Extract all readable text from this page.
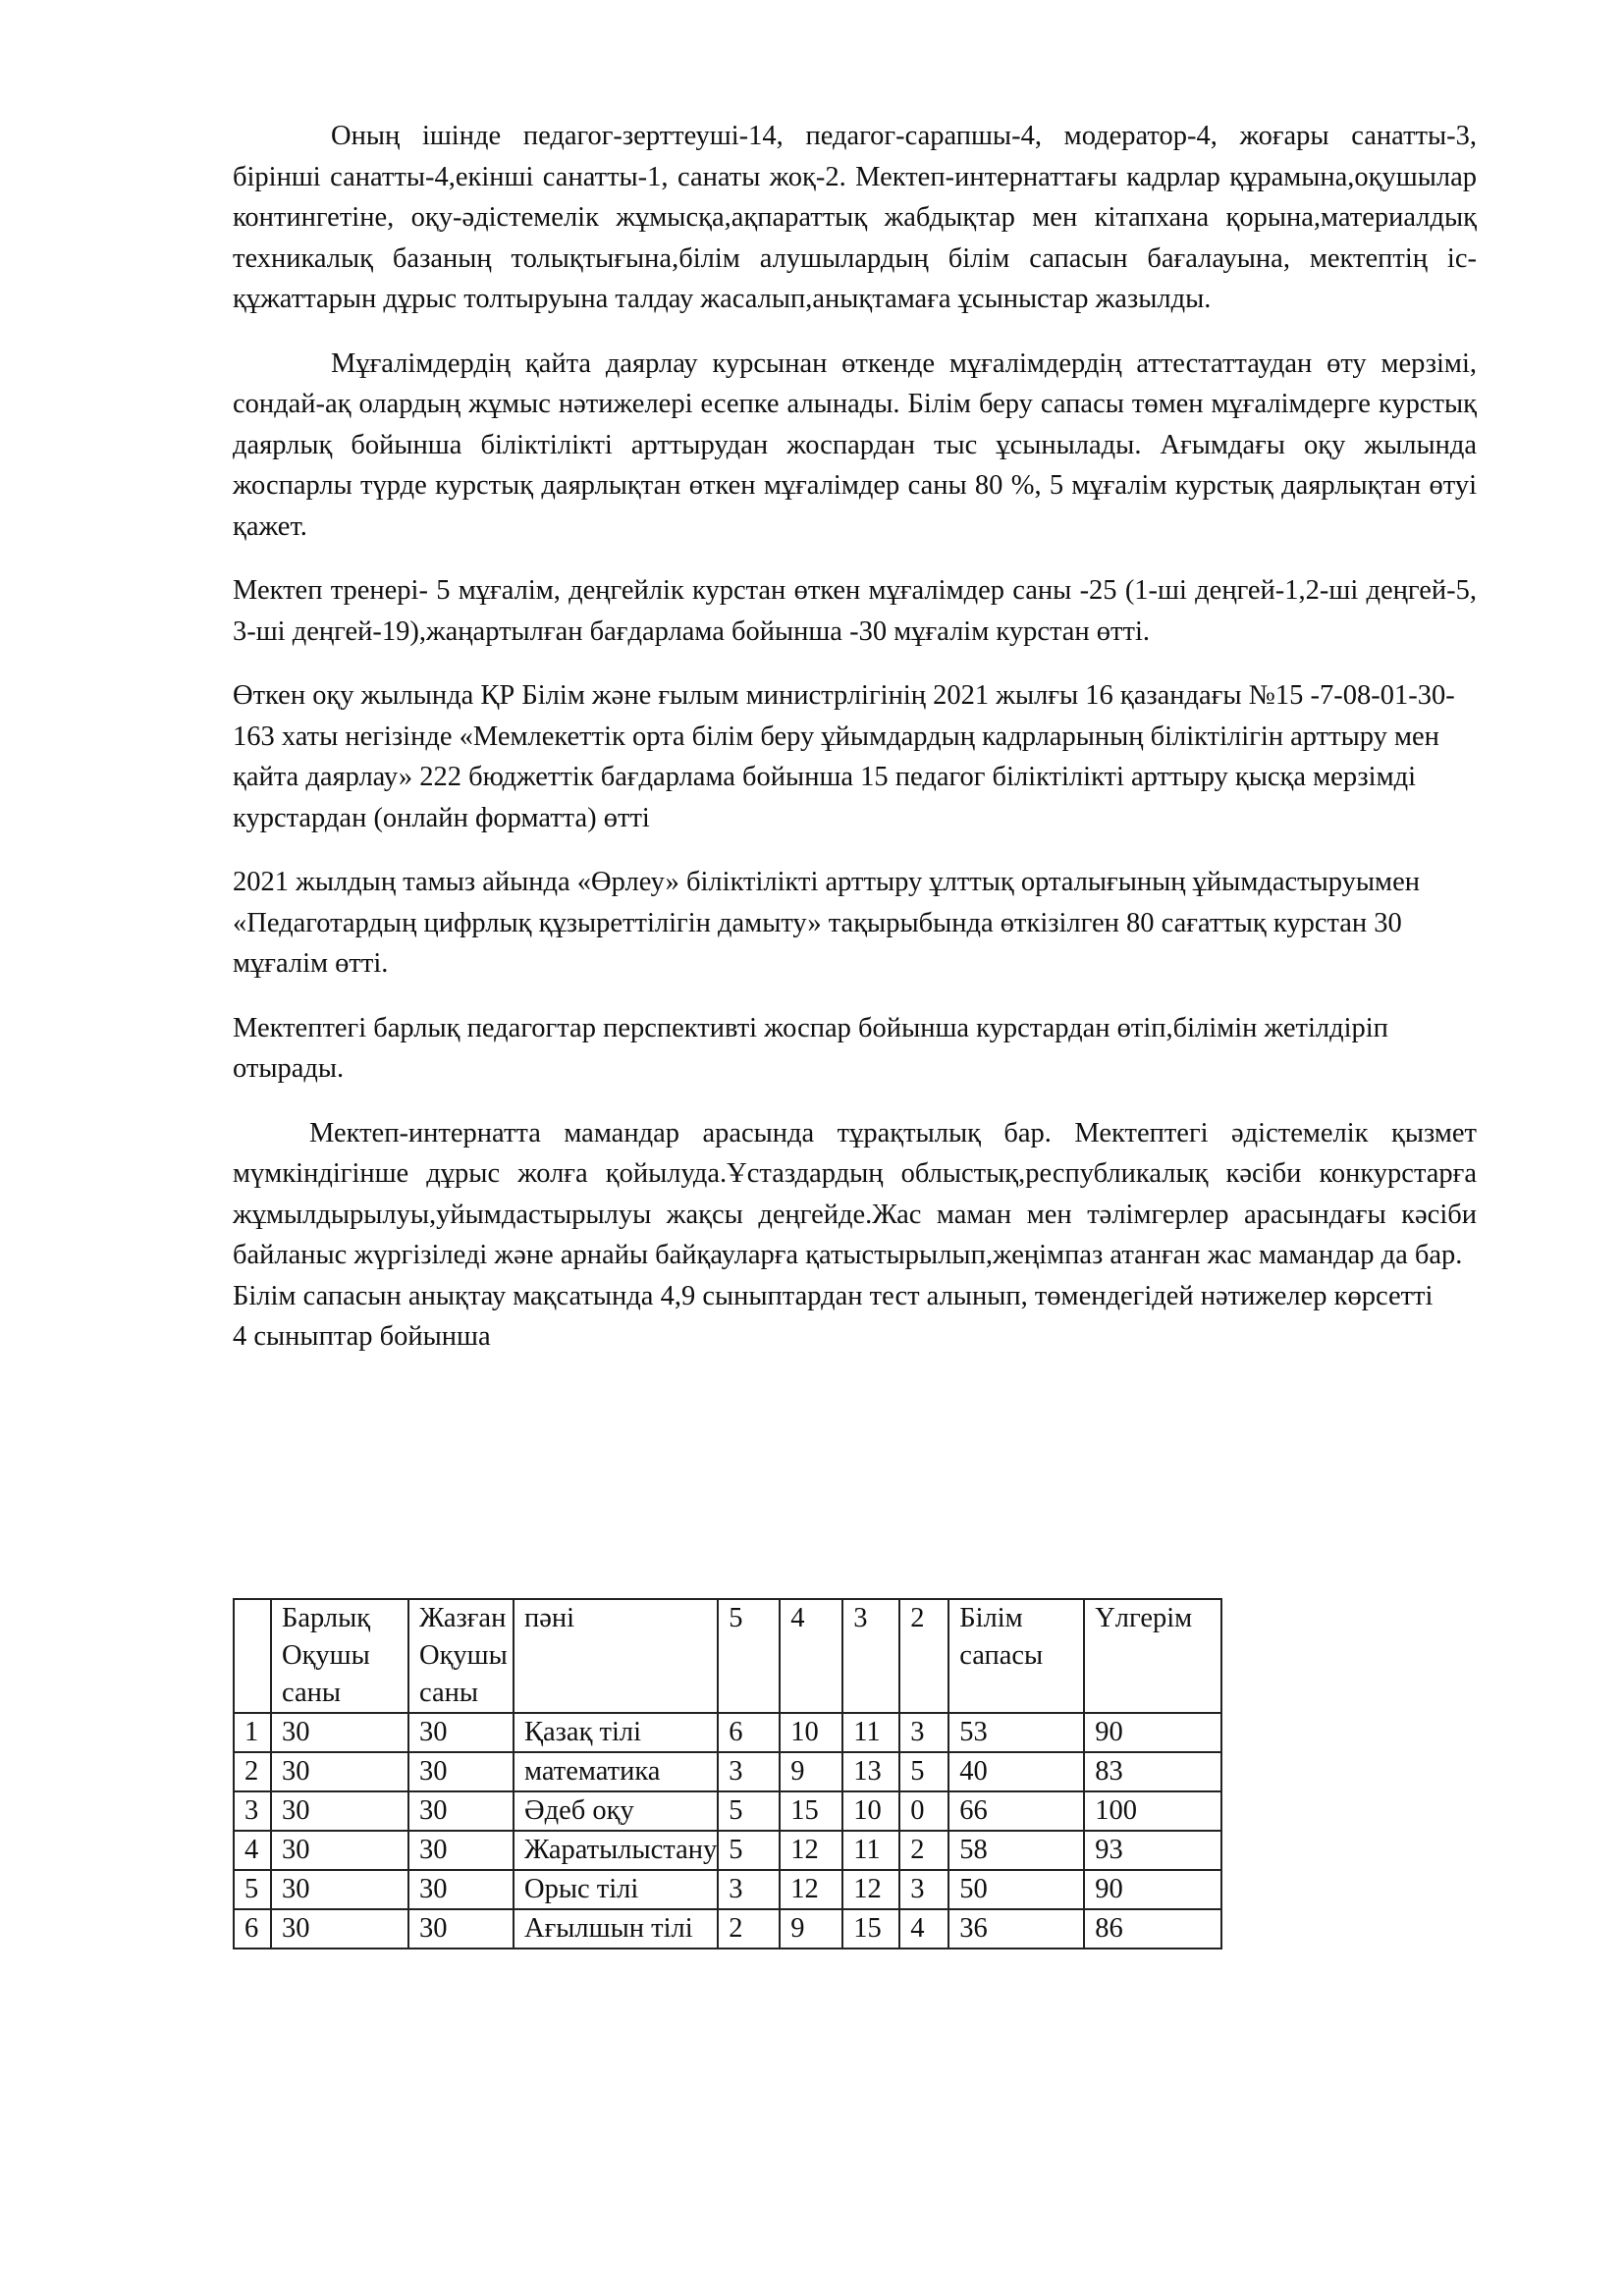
Оның ішінде педагог-зерттеуші-14, педагог-сарапшы-4, модератор-4, жоғары санатты-3, бірінші санатты-4,екінші санатты-1, санаты жоқ-2. Мектеп-интернаттағы кадрлар құрамына,оқушылар контингетіне, оқу-әдістемелік жұмысқа,ақпараттық жабдықтар мен кітапхана қорына,материалдық техникалық базаның толықтығына,білім алушылардың білім сапасын бағалауына, мектептің іс-құжаттарын дұрыс толтыруына талдау жасалып,анықтамаға ұсыныстар жазылды.

Мұғалімдердің қайта даярлау курсынан өткенде мұғалімдердің аттестаттаудан өту мерзімі, сондай-ақ олардың жұмыс нәтижелері есепке алынады. Білім беру сапасы төмен мұғалімдерге курстық даярлық бойынша біліктілікті арттырудан жоспардан тыс ұсынылады. Ағымдағы оқу жылында жоспарлы түрде курстық даярлықтан өткен мұғалімдер саны 80 %, 5 мұғалім курстық даярлықтан өтуі қажет.

Мектеп тренері- 5 мұғалім, деңгейлік курстан өткен мұғалімдер саны -25 (1-ші деңгей-1,2-ші деңгей-5, 3-ші деңгей-19),жаңартылған бағдарлама бойынша -30 мұғалім курстан өтті.

Өткен оқу жылында ҚР Білім және ғылым министрлігінің 2021 жылғы 16 қазандағы №15 -7-08-01-30-163 хаты негізінде «Мемлекеттік орта білім беру ұйымдардың кадрларының біліктілігін арттыру мен қайта даярлау» 222 бюджеттік бағдарлама бойынша 15 педагог біліктілікті арттыру қысқа мерзімді курстардан (онлайн форматта) өтті

2021 жылдың тамыз айында «Өрлеу» біліктілікті арттыру ұлттық орталығының ұйымдастыруымен «Педаготардың цифрлық құзыреттілігін дамыту» тақырыбында өткізілген 80 сағаттық курстан 30 мұғалім өтті.

Мектептегі барлық педагогтар перспективті жоспар бойынша курстардан өтіп,білімін жетілдіріп отырады.

Мектеп-интернатта мамандар арасында тұрақтылық бар. Мектептегі әдістемелік қызмет мүмкіндігінше дұрыс жолға қойылуда.Ұстаздардың облыстық,республикалық кәсіби конкурстарға жұмылдырылуы,уйымдастырылуы жақсы деңгейде.Жас маман мен тәлімгерлер арасындағы кәсіби байланыс жүргізіледі және арнайы байқауларға қатыстырылып,жеңімпаз атанған жас мамандар да бар.

Білім сапасын анықтау мақсатында 4,9 сыныптардан тест алынып, төмендегідей нәтижелер көрсетті

4 сыныптар бойынша

	Барлық Оқушы саны	Жазған Оқушы саны	пәні	5	4	3	2	Білім сапасы	Үлгерім
1	30	30	Қазақ тілі	6	10	11	3	53	90
2	30	30	математика	3	9	13	5	40	83
3	30	30	Әдеб оқу	5	15	10	0	66	100
4	30	30	Жаратылыстану	5	12	11	2	58	93
5	30	30	Орыс тілі	3	12	12	3	50	90
6	30	30	Ағылшын тілі	2	9	15	4	36	86
